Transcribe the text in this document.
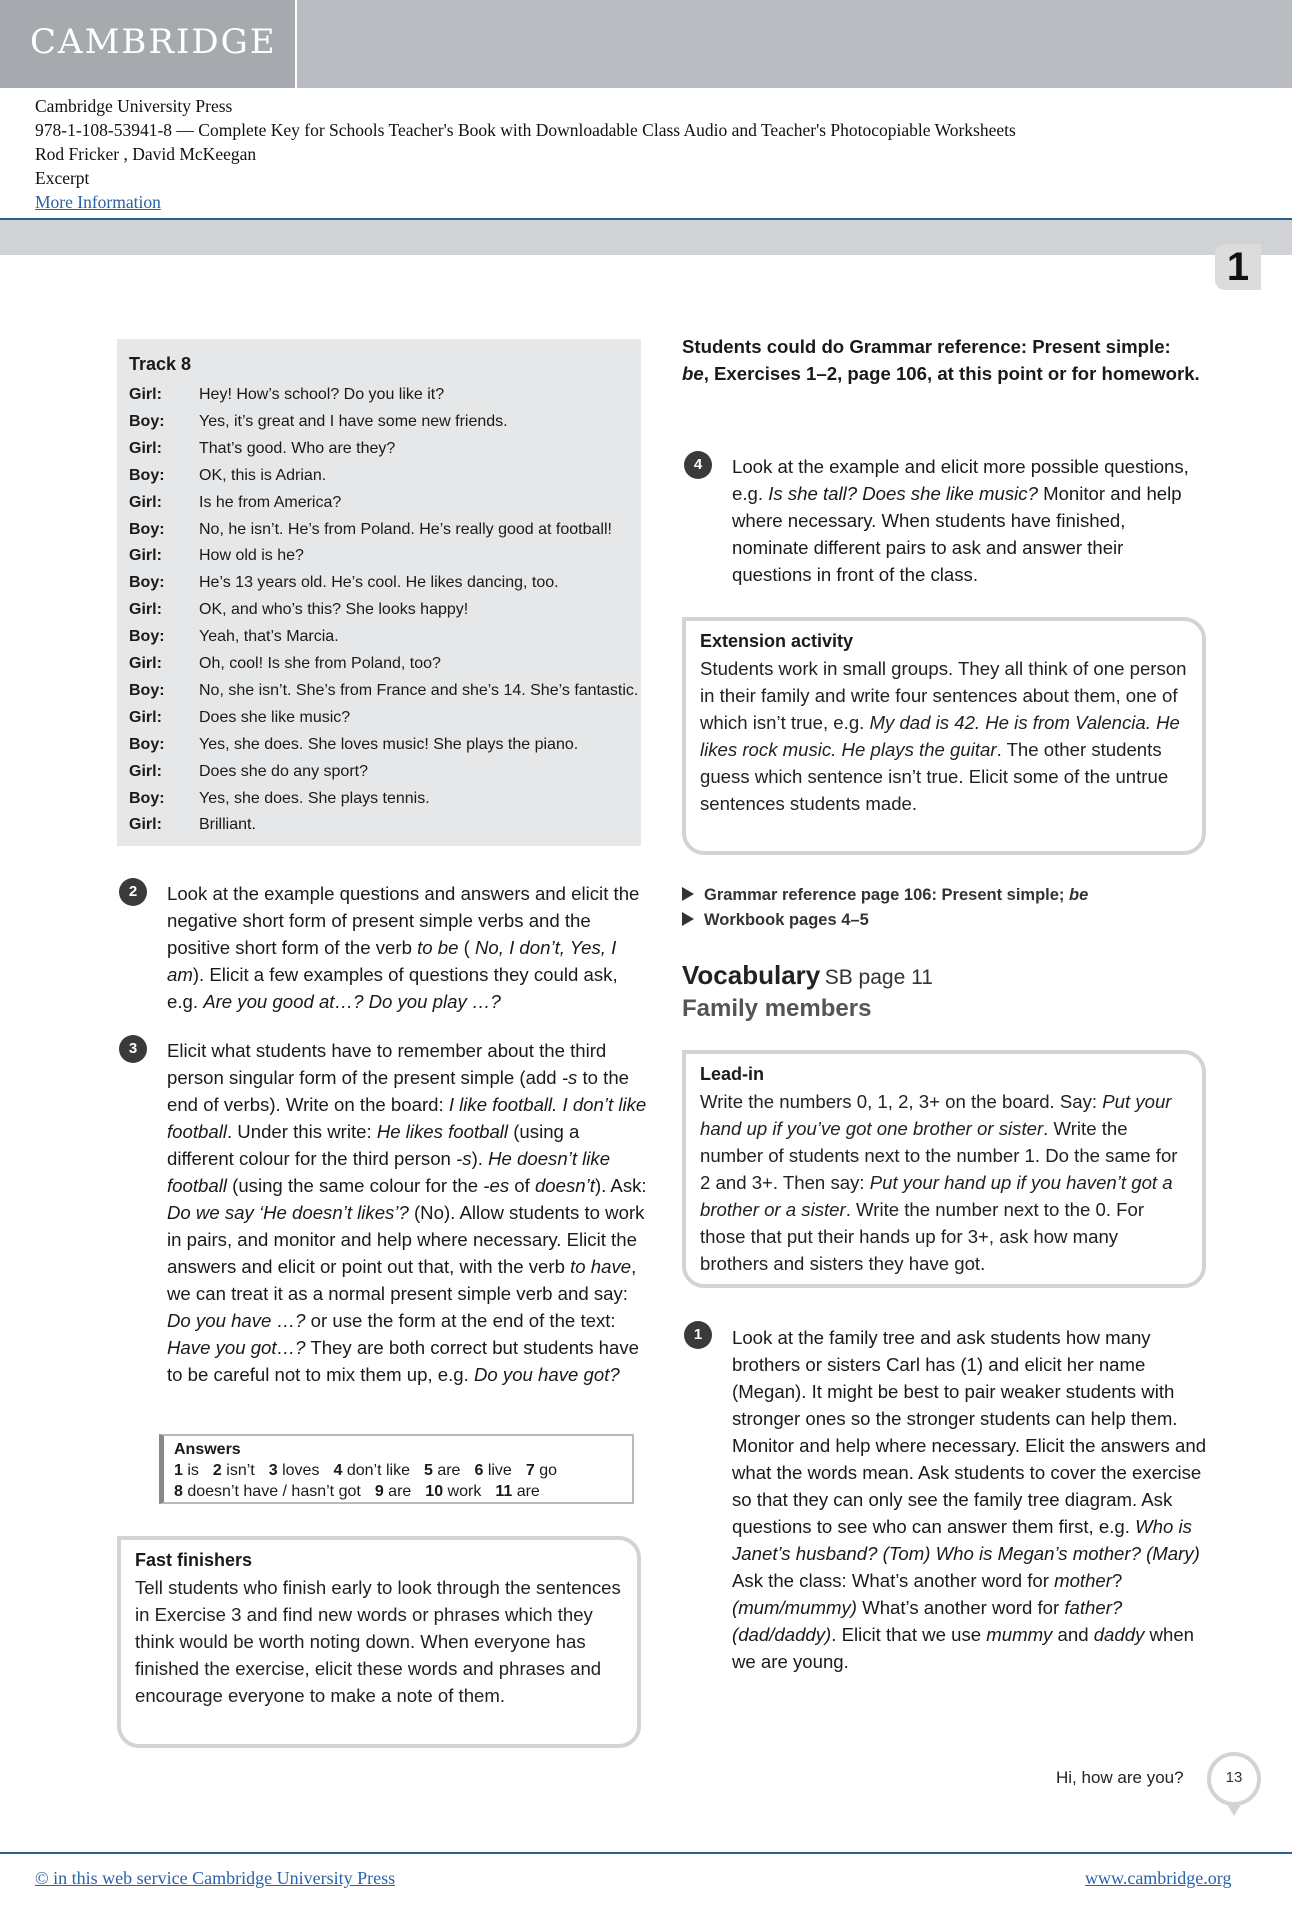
CAMBRIDGE
Cambridge University Press
978-1-108-53941-8 — Complete Key for Schools Teacher's Book with Downloadable Class Audio and Teacher's Photocopiable Worksheets
Rod Fricker , David McKeegan
Excerpt
More Information
1
Track 8
Girl: Hey! How’s school? Do you like it?
Boy: Yes, it’s great and I have some new friends.
Girl: That’s good. Who are they?
Boy: OK, this is Adrian.
Girl: Is he from America?
Boy: No, he isn’t. He’s from Poland. He’s really good at football!
Girl: How old is he?
Boy: He’s 13 years old. He’s cool. He likes dancing, too.
Girl: OK, and who’s this? She looks happy!
Boy: Yeah, that’s Marcia.
Girl: Oh, cool! Is she from Poland, too?
Boy: No, she isn’t. She’s from France and she’s 14. She’s fantastic.
Girl: Does she like music?
Boy: Yes, she does. She loves music! She plays the piano.
Girl: Does she do any sport?
Boy: Yes, she does. She plays tennis.
Girl: Brilliant.
2	Look at the example questions and answers and elicit the negative short form of present simple verbs and the positive short form of the verb to be ( No, I don’t, Yes, I am). Elicit a few examples of questions they could ask, e.g. Are you good at…? Do you play …?
3	Elicit what students have to remember about the third person singular form of the present simple (add -s to the end of verbs). Write on the board: I like football. I don’t like football. Under this write: He likes football (using a different colour for the third person -s). He doesn’t like football (using the same colour for the -es of doesn’t). Ask: Do we say ‘He doesn’t likes’? (No). Allow students to work in pairs, and monitor and help where necessary. Elicit the answers and elicit or point out that, with the verb to have, we can treat it as a normal present simple verb and say: Do you have …? or use the form at the end of the text: Have you got…? They are both correct but students have to be careful not to mix them up, e.g. Do you have got?
Answers
1 is 2 isn’t 3 loves 4 don’t like 5 are 6 live 7 go
8 doesn’t have / hasn’t got 9 are 10 work 11 are
Fast finishers
Tell students who finish early to look through the sentences in Exercise 3 and find new words or phrases which they think would be worth noting down. When everyone has finished the exercise, elicit these words and phrases and encourage everyone to make a note of them.
Students could do Grammar reference: Present simple: be, Exercises 1–2, page 106, at this point or for homework.
4	Look at the example and elicit more possible questions, e.g. Is she tall? Does she like music? Monitor and help where necessary. When students have finished, nominate different pairs to ask and answer their questions in front of the class.
Extension activity
Students work in small groups. They all think of one person in their family and write four sentences about them, one of which isn’t true, e.g. My dad is 42. He is from Valencia. He likes rock music. He plays the guitar. The other students guess which sentence isn’t true. Elicit some of the untrue sentences students made.
Grammar reference page 106: Present simple; be
Workbook pages 4–5
Vocabulary SB page 11
Family members
Lead-in
Write the numbers 0, 1, 2, 3+ on the board. Say: Put your hand up if you’ve got one brother or sister. Write the number of students next to the number 1. Do the same for 2 and 3+. Then say: Put your hand up if you haven’t got a brother or a sister. Write the number next to the 0. For those that put their hands up for 3+, ask how many brothers and sisters they have got.
1	Look at the family tree and ask students how many brothers or sisters Carl has (1) and elicit her name (Megan). It might be best to pair weaker students with stronger ones so the stronger students can help them. Monitor and help where necessary. Elicit the answers and what the words mean. Ask students to cover the exercise so that they can only see the family tree diagram. Ask questions to see who can answer them first, e.g. Who is Janet’s husband? (Tom) Who is Megan’s mother? (Mary) Ask the class: What’s another word for mother? (mum/mummy) What’s another word for father? (dad/daddy). Elicit that we use mummy and daddy when we are young.
Hi, how are you?	13
© in this web service Cambridge University Press	www.cambridge.org
